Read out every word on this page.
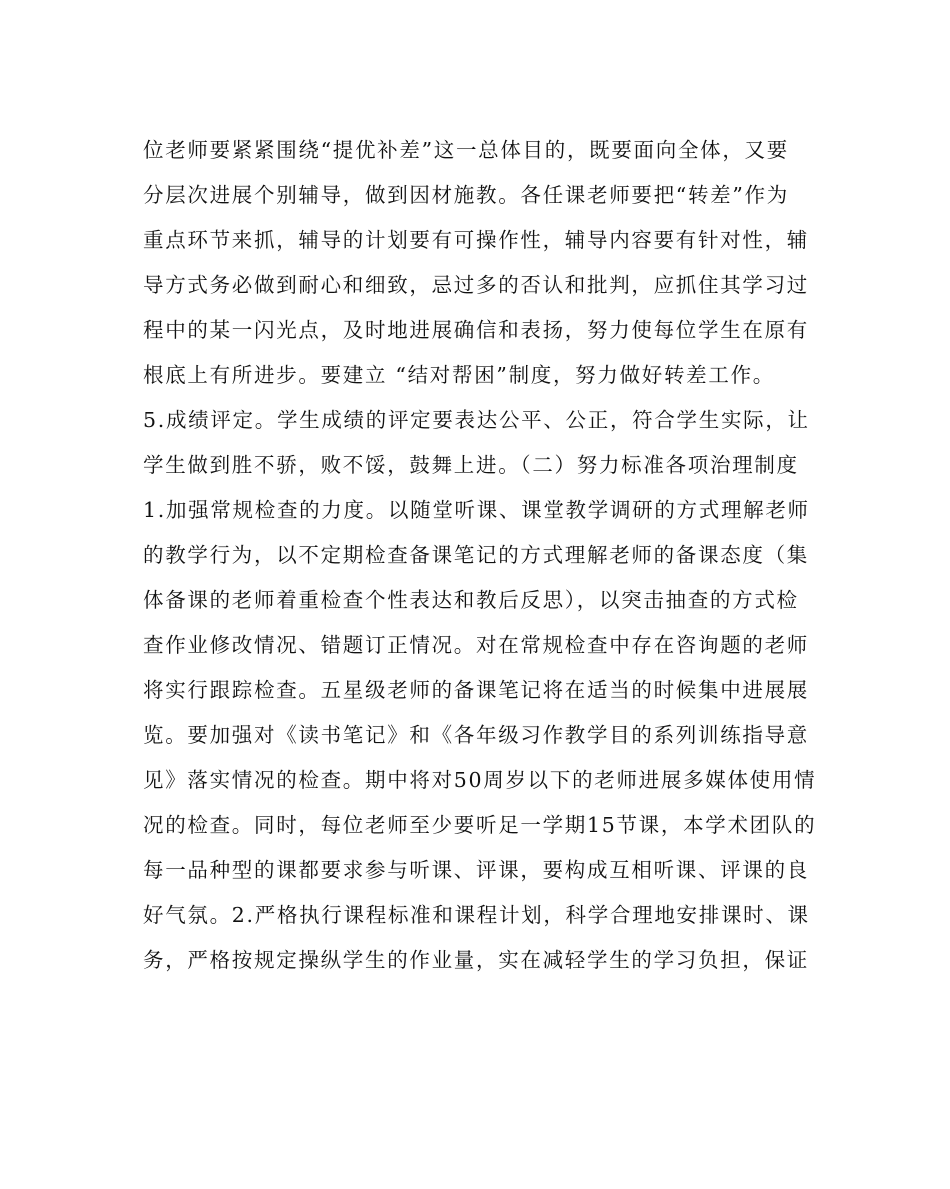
位老师要紧紧围绕“提优补差”这一总体目的，既要面向全体，又要
分层次进展个别辅导，做到因材施教。各任课老师要把“转差”作为
重点环节来抓，辅导的计划要有可操作性，辅导内容要有针对性，辅
导方式务必做到耐心和细致，忌过多的否认和批判，应抓住其学习过
程中的某一闪光点，及时地进展确信和表扬，努力使每位学生在原有
根底上有所进步。要建立 “结对帮困”制度，努力做好转差工作。
5.成绩评定。学生成绩的评定要表达公平、公正，符合学生实际，让
学生做到胜不骄，败不馁，鼓舞上进。（二）努力标准各项治理制度
1.加强常规检查的力度。以随堂听课、课堂教学调研的方式理解老师
的教学行为，以不定期检查备课笔记的方式理解老师的备课态度（集
体备课的老师着重检查个性表达和教后反思），以突击抽查的方式检
查作业修改情况、错题订正情况。对在常规检查中存在咨询题的老师
将实行跟踪检查。五星级老师的备课笔记将在适当的时候集中进展展
览。要加强对《读书笔记》和《各年级习作教学目的系列训练指导意
见》落实情况的检查。期中将对50周岁以下的老师进展多媒体使用情
况的检查。同时，每位老师至少要听足一学期15节课，本学术团队的
每一品种型的课都要求参与听课、评课，要构成互相听课、评课的良
好气氛。2.严格执行课程标准和课程计划，科学合理地安排课时、课
务，严格按规定操纵学生的作业量，实在减轻学生的学习负担，保证
